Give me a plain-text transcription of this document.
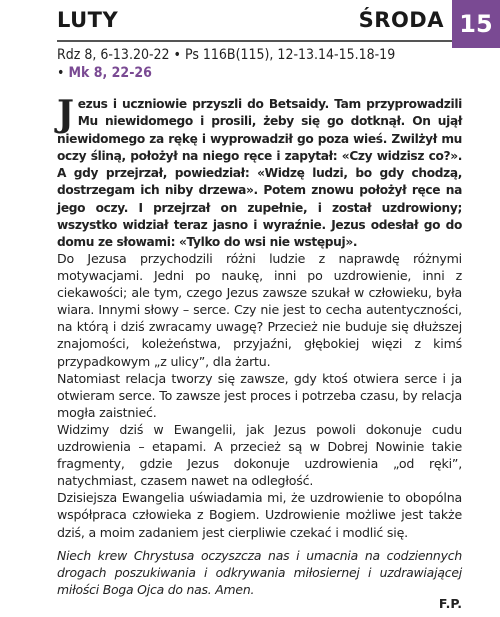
LUTY	ŚRODA 15
Rdz 8, 6-13.20-22 • Ps 116B(115), 12-13.14-15.18-19
• Mk 8, 22-26
J ezus i uczniowie przyszli do Betsaidy. Tam przyprowadzili Mu niewidomego i prosili, żeby się go dotknął. On ujął niewidomego za rękę i wyprowadził go poza wieś. Zwilżył mu oczy śliną, położył na niego ręce i zapytał: «Czy widzisz co?». A gdy przejrzał, powiedział: «Widzę ludzi, bo gdy chodzą, dostrzegam ich niby drzewa». Potem znowu położył ręce na jego oczy. I przejrzał on zupełnie, i został uzdrowiony; wszystko widział teraz jasno i wyraźnie. Jezus odesłał go do domu ze słowami: «Tylko do wsi nie wstępuj».

Do Jezusa przychodzili różni ludzie z naprawdę różnymi motywacjami. Jedni po naukę, inni po uzdrowienie, inni z ciekawości; ale tym, czego Jezus zawsze szukał w człowieku, była wiara. Innymi słowy – serce. Czy nie jest to cecha autentyczności, na którą i dziś zwracamy uwagę? Przecież nie buduje się dłuższej znajomości, koleżeństwa, przyjaźni, głębokiej więzi z kimś przypadkowym „z ulicy”, dla żartu.

Natomiast relacja tworzy się zawsze, gdy ktoś otwiera serce i ja otwieram serce. To zawsze jest proces i potrzeba czasu, by relacja mogła zaistnieć.

Widzimy dziś w Ewangelii, jak Jezus powoli dokonuje cudu uzdrowienia – etapami. A przecież są w Dobrej Nowinie takie fragmenty, gdzie Jezus dokonuje uzdrowienia „od ręki”, natychmiast, czasem nawet na odległość.

Dzisiejsza Ewangelia uświadamia mi, że uzdrowienie to obopólna współpraca człowieka z Bogiem. Uzdrowienie możliwe jest także dziś, a moim zadaniem jest cierpliwie czekać i modlić się.

Niech krew Chrystusa oczyszcza nas i umacnia na codziennych drogach poszukiwania i odkrywania miłosiernej i uzdrawiającej miłości Boga Ojca do nas. Amen.
F.P.
